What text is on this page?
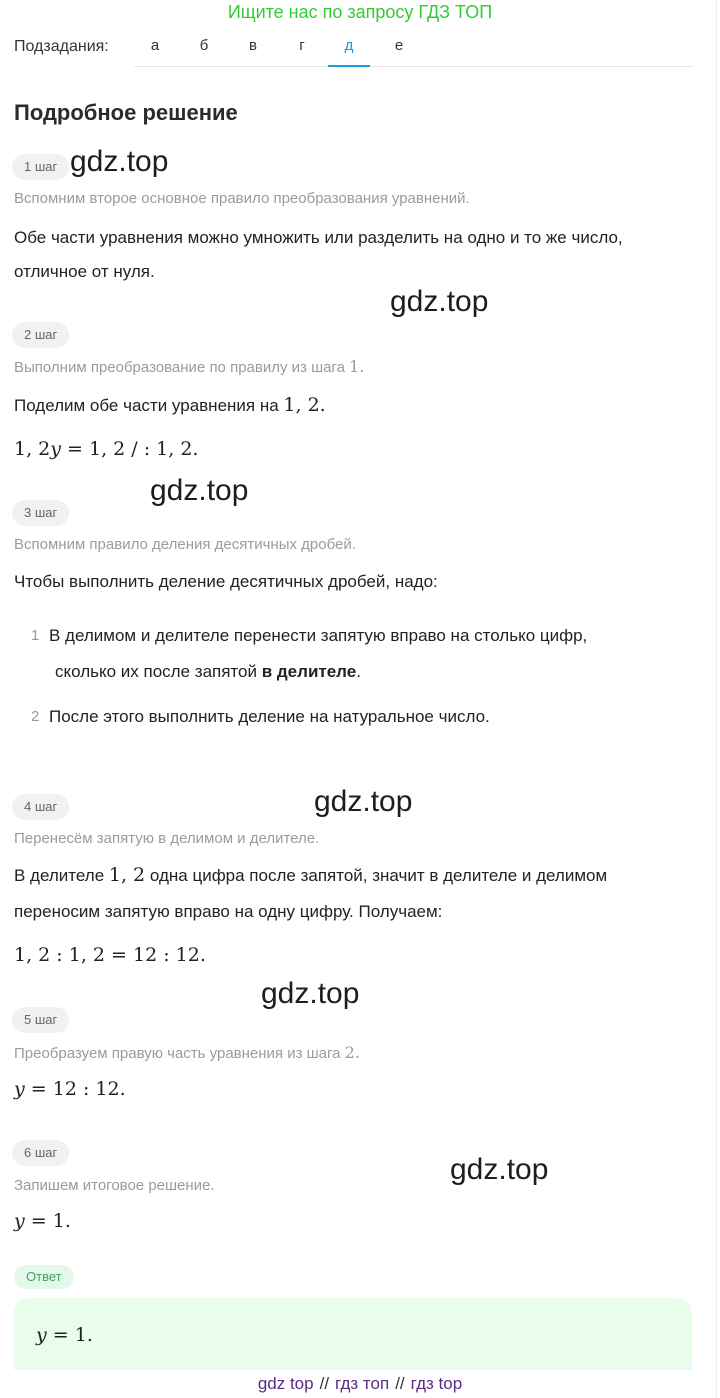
Ищите нас по запросу ГДЗ ТОП
Подзадания:	а	б	в	г	д	е
Подробное решение
1 шаг gdz.top
Вспомним второе основное правило преобразования уравнений.
Обе части уравнения можно умножить или разделить на одно и то же число,
отличное от нуля.
gdz.top
2 шаг
Выполним преобразование по правилу из шага 1.
Поделим обе части уравнения на 1, 2.
1, 2y = 1, 2 / : 1, 2.
gdz.top
3 шаг
Вспомним правило деления десятичных дробей.
Чтобы выполнить деление десятичных дробей, надо:
1 В делимом и делителе перенести запятую вправо на столько цифр,
сколько их после запятой в делителе.
2 После этого выполнить деление на натуральное число.
4 шаг	gdz.top
Перенесём запятую в делимом и делителе.
В делителе 1, 2 одна цифра после запятой, значит в делителе и делимом
переносим запятую вправо на одну цифру. Получаем:
1, 2 : 1, 2 = 12 : 12.
gdz.top
5 шаг
Преобразуем правую часть уравнения из шага 2.
y = 12 : 12.
6 шаг
gdz.top
Запишем итоговое решение.
y = 1.
Ответ
y = 1.
gdz top // гдз топ // гдз top
